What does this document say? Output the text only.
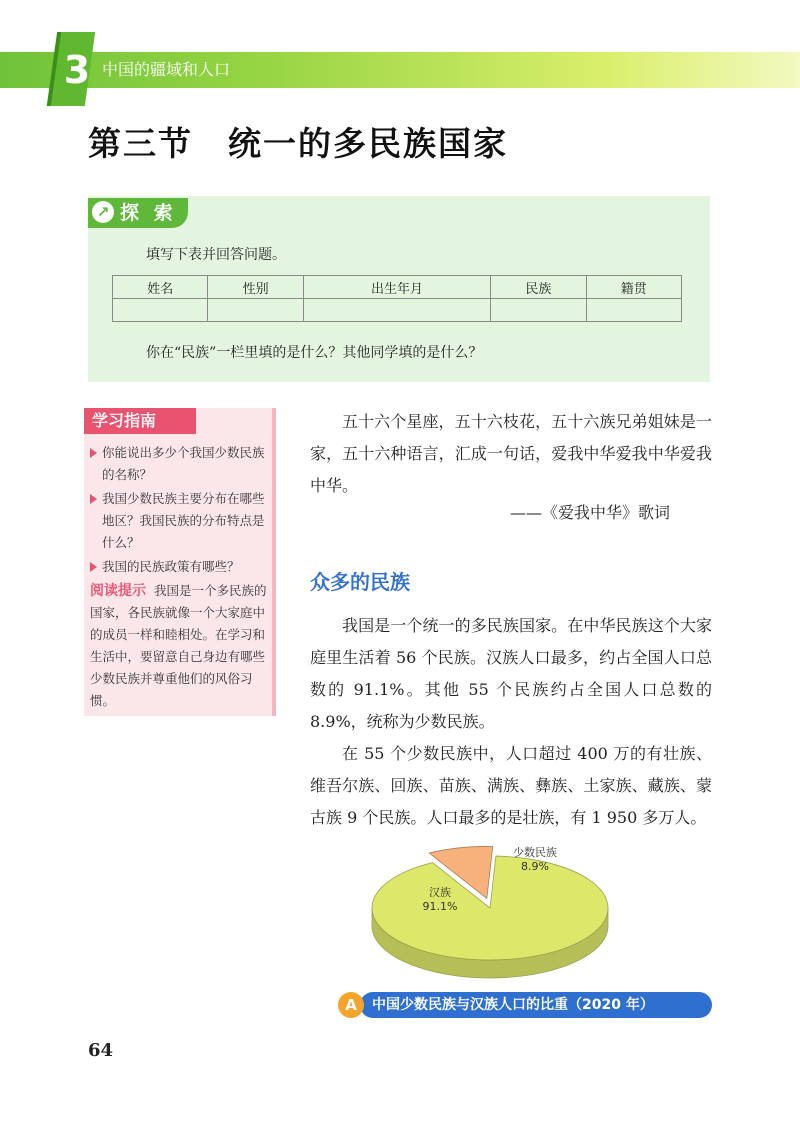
3 中国的疆域和人口
第三节　统一的多民族国家
↗ 探 索
填写下表并回答问题。
姓名	性别	出生年月	民族	籍贯

你在“民族”一栏里填的是什么？其他同学填的是什么？
学习指南
你能说出多少个我国少数民族的名称？
我国少数民族主要分布在哪些地区？我国民族的分布特点是什么？
我国的民族政策有哪些？
阅读提示 我国是一个多民族的国家，各民族就像一个大家庭中的成员一样和睦相处。在学习和生活中，要留意自己身边有哪些少数民族并尊重他们的风俗习惯。
五十六个星座，五十六枝花，五十六族兄弟姐妹是一家，五十六种语言，汇成一句话，爱我中华爱我中华爱我中华。
——《爱我中华》歌词
众多的民族
我国是一个统一的多民族国家。在中华民族这个大家庭里生活着 56 个民族。汉族人口最多，约占全国人口总数的 91.1%。其他 55 个民族约占全国人口总数的 8.9%，统称为少数民族。
在 55 个少数民族中，人口超过 400 万的有壮族、维吾尔族、回族、苗族、满族、彝族、土家族、藏族、蒙古族 9 个民族。人口最多的是壮族，有 1 950 多万人。
汉族
91.1%
少数民族
8.9%
A	中国少数民族与汉族人口的比重（2020 年）
64
